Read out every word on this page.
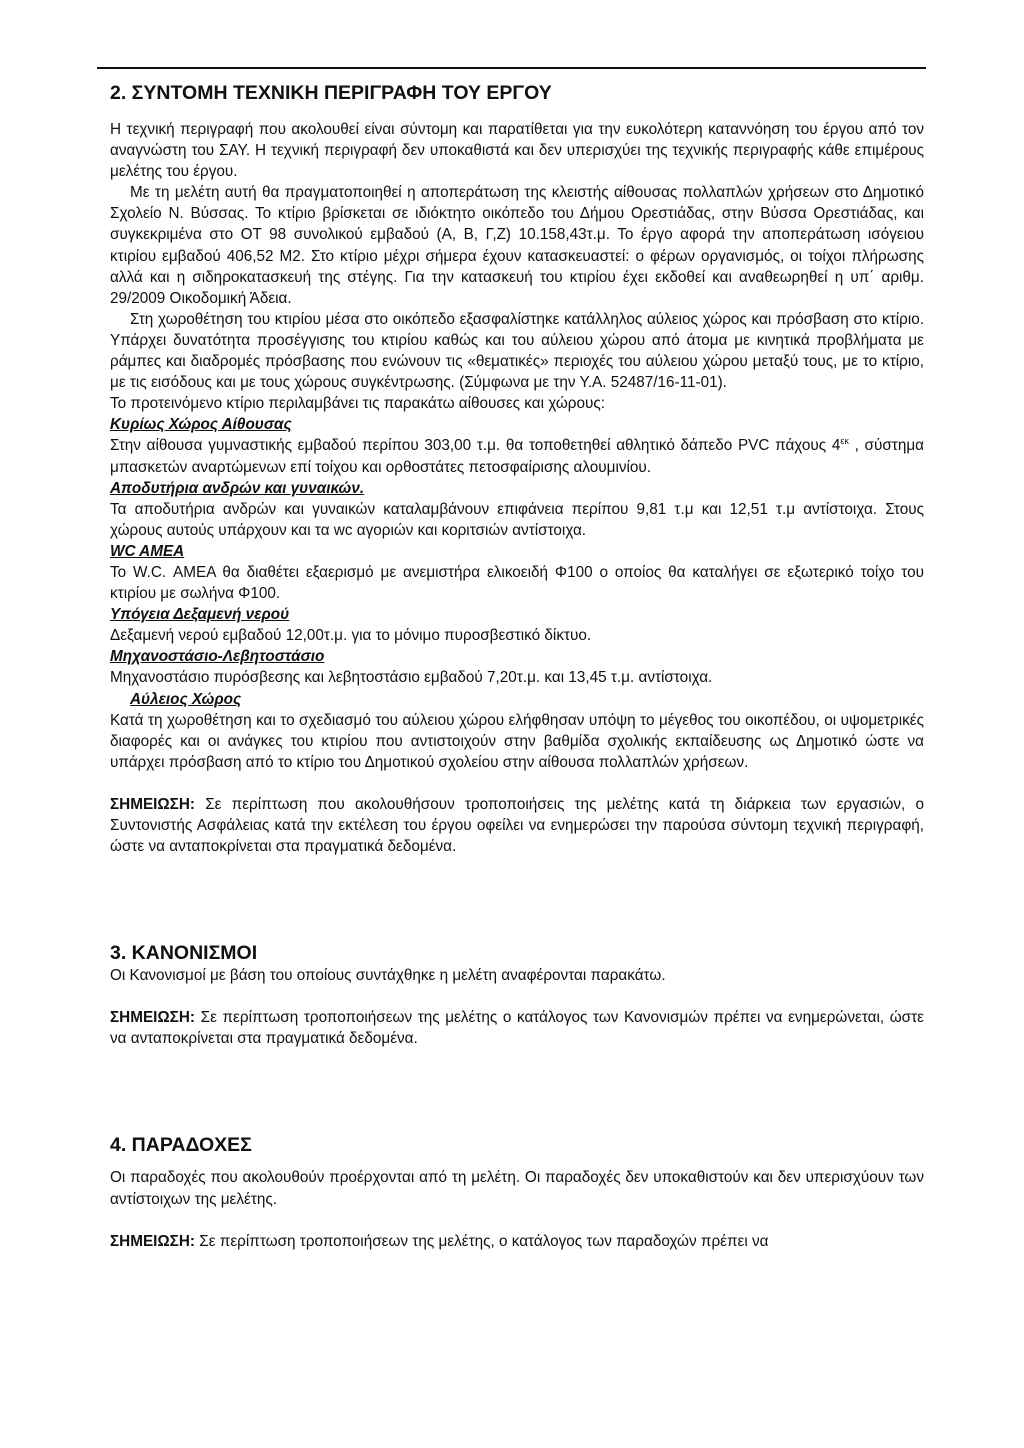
2. ΣΥΝΤΟΜΗ ΤΕΧΝΙΚΗ ΠΕΡΙΓΡΑΦΗ ΤΟΥ ΕΡΓΟΥ

Η τεχνική περιγραφή που ακολουθεί είναι σύντομη και παρατίθεται για την ευκολότερη καταννόηση του έργου από τον αναγνώστη του ΣΑΥ. Η τεχνική περιγραφή δεν υποκαθιστά και δεν υπερισχύει της τεχνικής περιγραφής κάθε επιμέρους μελέτης του έργου.

Με τη μελέτη αυτή θα πραγματοποιηθεί η αποπεράτωση της κλειστής αίθουσας πολλαπλών χρήσεων στο Δημοτικό Σχολείο Ν. Βύσσας. Το κτίριο βρίσκεται σε ιδιόκτητο οικόπεδο του Δήμου Ορεστιάδας, στην Βύσσα Ορεστιάδας, και συγκεκριμένα στο ΟΤ 98 συνολικού εμβαδού (Α, Β, Γ,Ζ) 10.158,43τ.μ. Το έργο αφορά την αποπεράτωση ισόγειου κτιρίου εμβαδού 406,52 Μ2. Στο κτίριο μέχρι σήμερα έχουν κατασκευαστεί: ο φέρων οργανισμός, οι τοίχοι πλήρωσης αλλά και η σιδηροκατασκευή της στέγης. Για την κατασκευή του κτιρίου έχει εκδοθεί και αναθεωρηθεί η υπ΄ αριθμ. 29/2009 Οικοδομική Άδεια.

Στη χωροθέτηση του κτιρίου μέσα στο οικόπεδο εξασφαλίστηκε κατάλληλος αύλειος χώρος και πρόσβαση στο κτίριο. Υπάρχει δυνατότητα προσέγγισης του κτιρίου καθώς και του αύλειου χώρου από άτομα με κινητικά προβλήματα με ράμπες και διαδρομές πρόσβασης που ενώνουν τις «θεματικές» περιοχές του αύλειου χώρου μεταξύ τους, με το κτίριο, με τις εισόδους και με τους χώρους συγκέντρωσης. (Σύμφωνα με την Υ.Α. 52487/16-11-01).

Το προτεινόμενο κτίριο περιλαμβάνει τις παρακάτω αίθουσες και χώρους:

Κυρίως Χώρος Αίθουσας

Στην αίθουσα γυμναστικής εμβαδού περίπου 303,00 τ.μ. θα τοποθετηθεί αθλητικό δάπεδο PVC πάχους $4^{\varepsilon\kappa}$ , σύστημα μπασκετών αναρτώμενων επί τοίχου και ορθοστάτες πετοσφαίρισης αλουμινίου.

Αποδυτήρια ανδρών και γυναικών.

Τα αποδυτήρια ανδρών και γυναικών καταλαμβάνουν επιφάνεια περίπου 9,81 τ.μ και 12,51 τ.μ αντίστοιχα. Στους χώρους αυτούς υπάρχουν και τα wc αγοριών και κοριτσιών αντίστοιχα.

WC AMEA

Το W.C. ΑΜΕΑ θα διαθέτει εξαερισμό με ανεμιστήρα ελικοειδή Φ100 ο οποίος θα καταλήγει σε εξωτερικό τοίχο του κτιρίου με σωλήνα Φ100.

Υπόγεια Δεξαμενή νερού

Δεξαμενή νερού εμβαδού 12,00τ.μ. για το μόνιμο πυροσβεστικό δίκτυο.

Μηχανοστάσιο-Λεβητοστάσιο

Μηχανοστάσιο πυρόσβεσης και λεβητοστάσιο εμβαδού 7,20τ.μ. και 13,45 τ.μ. αντίστοιχα.

Αύλειος Χώρος

Κατά τη χωροθέτηση και το σχεδιασμό του αύλειου χώρου ελήφθησαν υπόψη το μέγεθος του οικοπέδου, οι υψομετρικές διαφορές και οι ανάγκες του κτιρίου που αντιστοιχούν στην βαθμίδα σχολικής εκπαίδευσης ως Δημοτικό ώστε να υπάρχει πρόσβαση από το κτίριο του Δημοτικού σχολείου στην αίθουσα πολλαπλών χρήσεων.

ΣΗΜΕΙΩΣΗ: Σε περίπτωση που ακολουθήσουν τροποποιήσεις της μελέτης κατά τη διάρκεια των εργασιών, ο Συντονιστής Ασφάλειας κατά την εκτέλεση του έργου οφείλει να ενημερώσει την παρούσα σύντομη τεχνική περιγραφή, ώστε να ανταποκρίνεται στα πραγματικά δεδομένα.

3. ΚΑΝΟΝΙΣΜΟΙ

Οι Κανονισμοί με βάση του οποίους συντάχθηκε η μελέτη αναφέρονται παρακάτω.

ΣΗΜΕΙΩΣΗ: Σε περίπτωση τροποποιήσεων της μελέτης ο κατάλογος των Κανονισμών πρέπει να ενημερώνεται, ώστε να ανταποκρίνεται στα πραγματικά δεδομένα.

4. ΠΑΡΑΔΟΧΕΣ

Οι παραδοχές που ακολουθούν προέρχονται από τη μελέτη. Οι παραδοχές δεν υποκαθιστούν και δεν υπερισχύουν των αντίστοιχων της μελέτης.

ΣΗΜΕΙΩΣΗ: Σε περίπτωση τροποποιήσεων της μελέτης, ο κατάλογος των παραδοχών πρέπει να
